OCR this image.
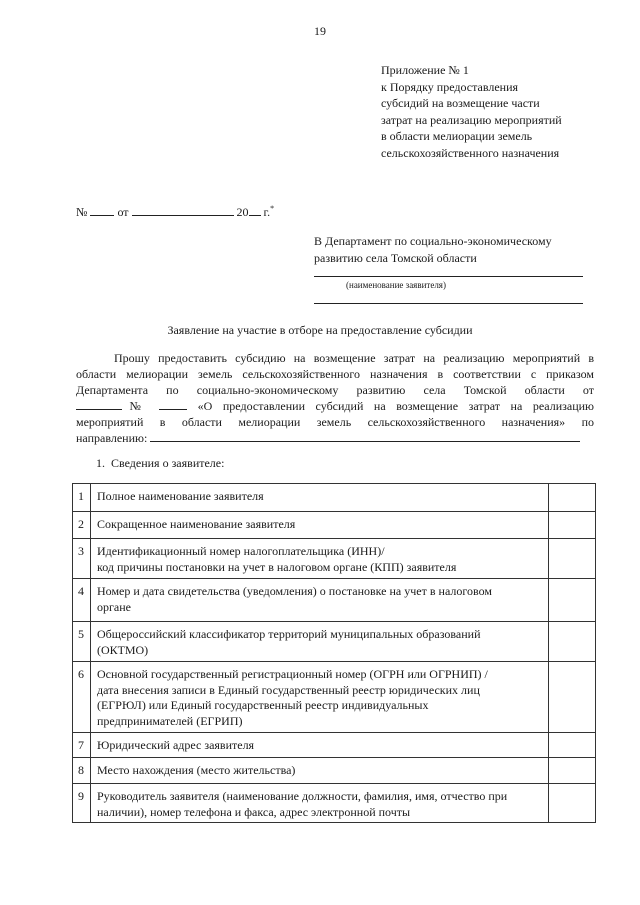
19
Приложение № 1
к Порядку предоставления
субсидий на возмещение части
затрат на реализацию мероприятий
в области мелиорации земель
сельскохозяйственного назначения
№	от	20 г.*
В Департамент по социально-экономическому
развитию села Томской области
(наименование заявителя)
Заявление на участие в отборе на предоставление субсидии
Прошу предоставить субсидию на возмещение затрат на реализацию мероприятий в
области мелиорации земель сельскохозяйственного назначения в соответствии с приказом
Департамента по социально-экономическому развитию села Томской области от
№	«О предоставлении субсидий на возмещение затрат на реализацию
мероприятий в области мелиорации земель сельскохозяйственного назначения» по
направлению:
1. Сведения о заявителе:
1	Полное наименование заявителя	

2	Сокращенное наименование заявителя	

3	Идентификационный номер налогоплательщика (ИНН)/
код причины постановки на учет в налоговом органе (КПП) заявителя	

4	Номер и дата свидетельства (уведомления) о постановке на учет в налоговом
органе	

5	Общероссийский классификатор территорий муниципальных образований
(ОКТМО)	

6	Основной государственный регистрационный номер (ОГРН или ОГРНИП) /
дата внесения записи в Единый государственный реестр юридических лиц
(ЕГРЮЛ) или Единый государственный реестр индивидуальных
предпринимателей (ЕГРИП)	

7	Юридический адрес заявителя	

8	Место нахождения (место жительства)	

9	Руководитель заявителя (наименование должности, фамилия, имя, отчество при
наличии), номер телефона и факса, адрес электронной почты	
